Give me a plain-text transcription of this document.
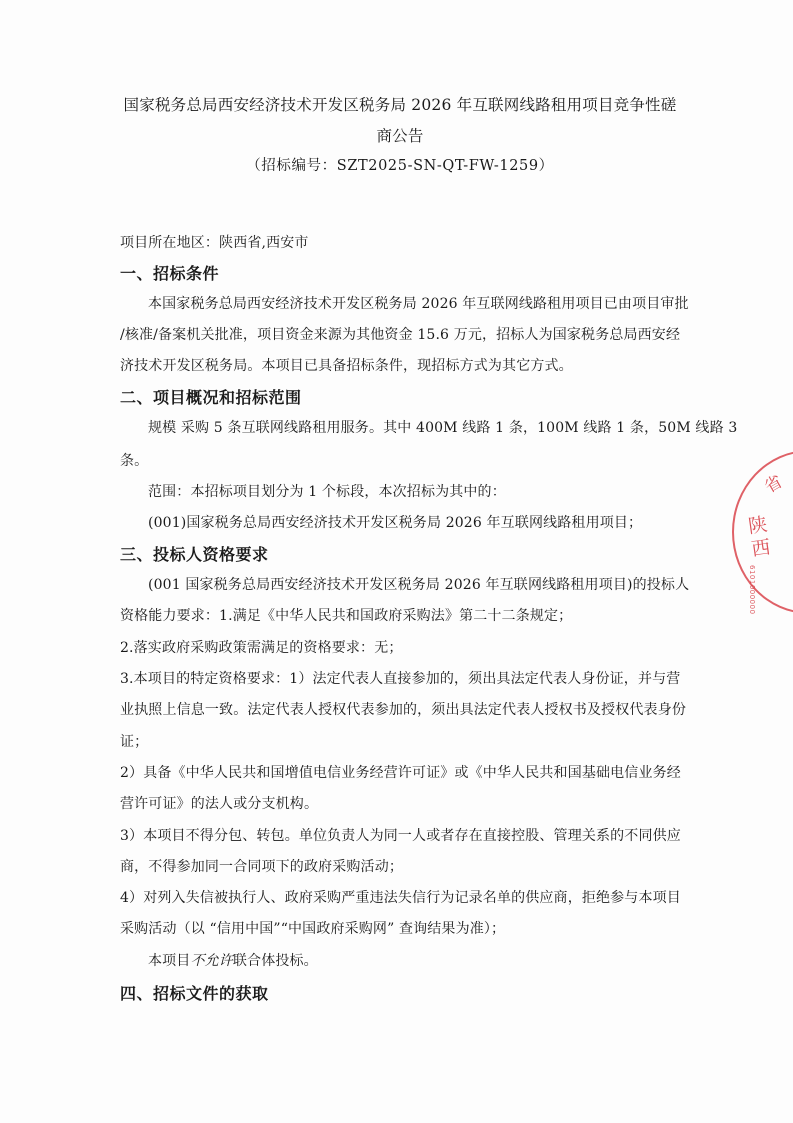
国家税务总局西安经济技术开发区税务局 2026 年互联网线路租用项目竞争性磋
商公告
（招标编号：SZT2025-SN-QT-FW-1259）
项目所在地区：陕西省,西安市
一、招标条件
本国家税务总局西安经济技术开发区税务局 2026 年互联网线路租用项目已由项目审批
/核准/备案机关批准，项目资金来源为其他资金 15.6 万元，招标人为国家税务总局西安经
济技术开发区税务局。本项目已具备招标条件，现招标方式为其它方式。
二、项目概况和招标范围
规模 采购 5 条互联网线路租用服务。其中 400M 线路 1 条，100M 线路 1 条，50M 线路 3
条。
范围：本招标项目划分为 1 个标段，本次招标为其中的：
(001)国家税务总局西安经济技术开发区税务局 2026 年互联网线路租用项目；
三、投标人资格要求
(001 国家税务总局西安经济技术开发区税务局 2026 年互联网线路租用项目)的投标人
资格能力要求：1.满足《中华人民共和国政府采购法》第二十二条规定；
2.落实政府采购政策需满足的资格要求：无；
3.本项目的特定资格要求：1）法定代表人直接参加的，须出具法定代表人身份证，并与营
业执照上信息一致。法定代表人授权代表参加的，须出具法定代表人授权书及授权代表身份
证；
2）具备《中华人民共和国增值电信业务经营许可证》或《中华人民共和国基础电信业务经
营许可证》的法人或分支机构。
3）本项目不得分包、转包。单位负责人为同一人或者存在直接控股、管理关系的不同供应
商，不得参加同一合同项下的政府采购活动；
4）对列入失信被执行人、政府采购严重违法失信行为记录名单的供应商，拒绝参与本项目
采购活动（以 “信用中国”“中国政府采购网” 查询结果为准）；
本项目不允许联合体投标。
四、招标文件的获取
省
陕西
6101000000
